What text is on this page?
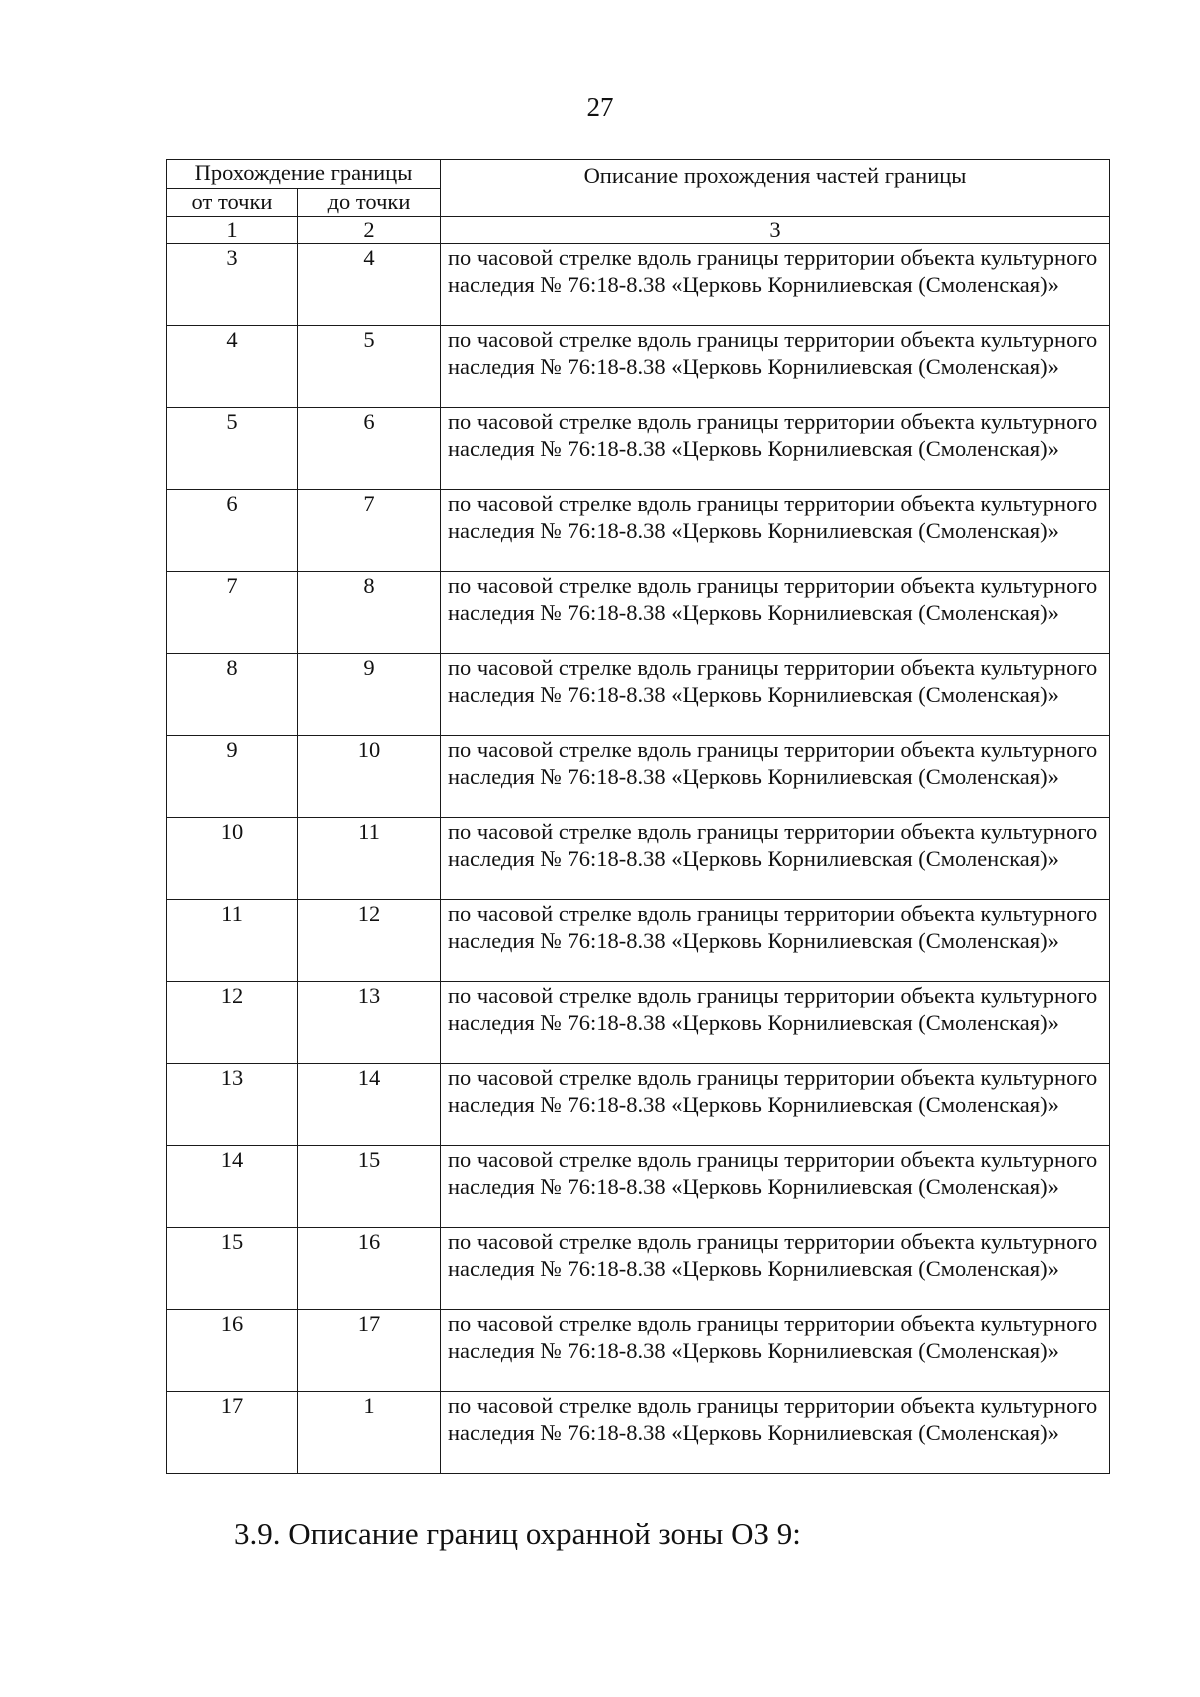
27
Прохождение границы		Описание прохождения частей границы
от точки	до точки	
1	2	3
3	4	по часовой стрелке вдоль границы территории объекта культурного наследия № 76:18-8.38 «Церковь Корнилиевская (Смоленская)»
4	5	по часовой стрелке вдоль границы территории объекта культурного наследия № 76:18-8.38 «Церковь Корнилиевская (Смоленская)»
5	6	по часовой стрелке вдоль границы территории объекта культурного наследия № 76:18-8.38 «Церковь Корнилиевская (Смоленская)»
6	7	по часовой стрелке вдоль границы территории объекта культурного наследия № 76:18-8.38 «Церковь Корнилиевская (Смоленская)»
7	8	по часовой стрелке вдоль границы территории объекта культурного наследия № 76:18-8.38 «Церковь Корнилиевская (Смоленская)»
8	9	по часовой стрелке вдоль границы территории объекта культурного наследия № 76:18-8.38 «Церковь Корнилиевская (Смоленская)»
9	10	по часовой стрелке вдоль границы территории объекта культурного наследия № 76:18-8.38 «Церковь Корнилиевская (Смоленская)»
10	11	по часовой стрелке вдоль границы территории объекта культурного наследия № 76:18-8.38 «Церковь Корнилиевская (Смоленская)»
11	12	по часовой стрелке вдоль границы территории объекта культурного наследия № 76:18-8.38 «Церковь Корнилиевская (Смоленская)»
12	13	по часовой стрелке вдоль границы территории объекта культурного наследия № 76:18-8.38 «Церковь Корнилиевская (Смоленская)»
13	14	по часовой стрелке вдоль границы территории объекта культурного наследия № 76:18-8.38 «Церковь Корнилиевская (Смоленская)»
14	15	по часовой стрелке вдоль границы территории объекта культурного наследия № 76:18-8.38 «Церковь Корнилиевская (Смоленская)»
15	16	по часовой стрелке вдоль границы территории объекта культурного наследия № 76:18-8.38 «Церковь Корнилиевская (Смоленская)»
16	17	по часовой стрелке вдоль границы территории объекта культурного наследия № 76:18-8.38 «Церковь Корнилиевская (Смоленская)»
17	1	по часовой стрелке вдоль границы территории объекта культурного наследия № 76:18-8.38 «Церковь Корнилиевская (Смоленская)»
3.9. Описание границ охранной зоны ОЗ 9:
